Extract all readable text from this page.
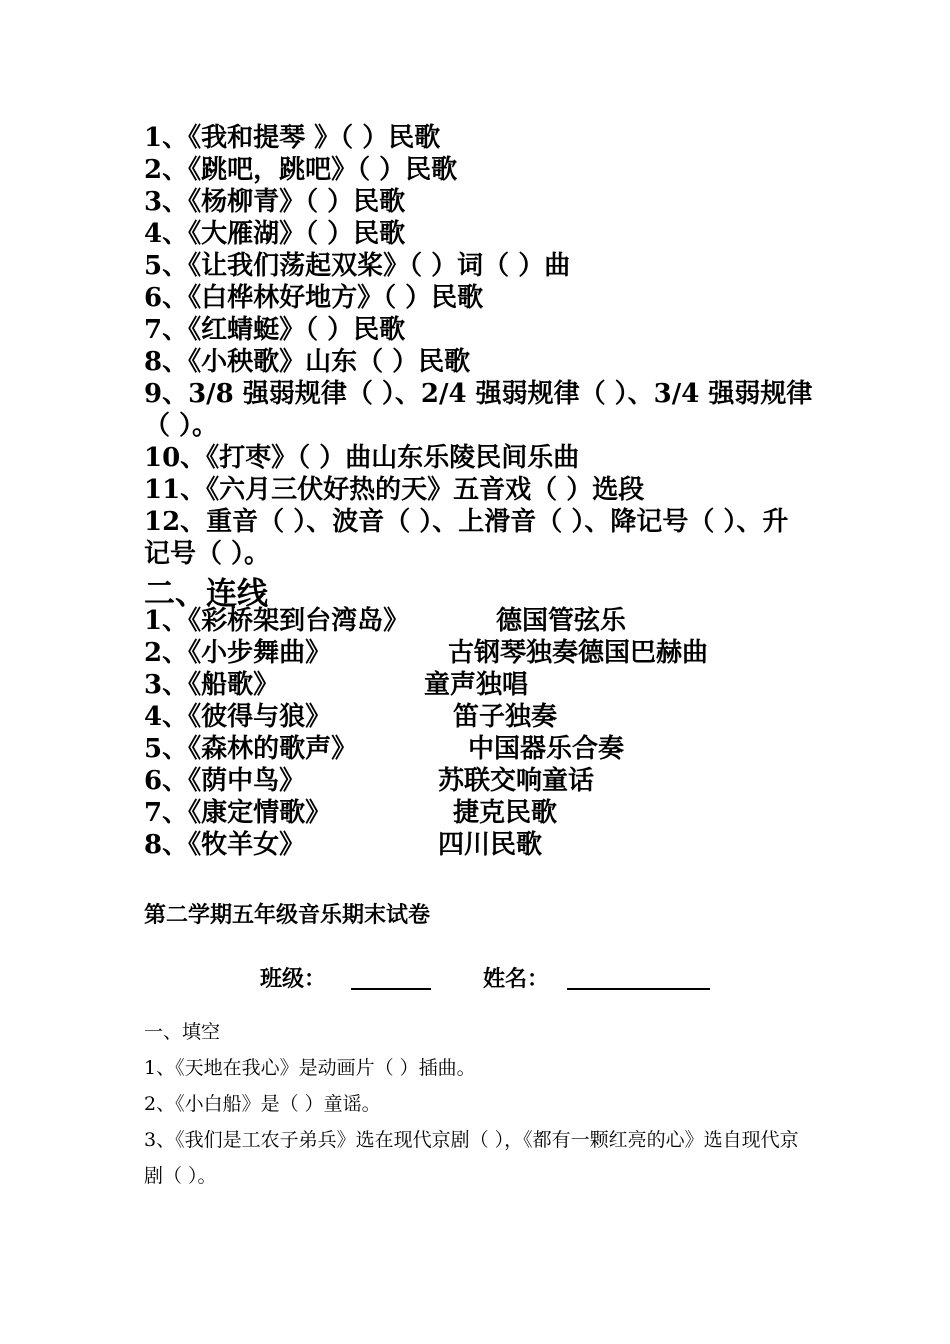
1、《我和提琴 》（ ）民歌
2、《跳吧，跳吧》（ ）民歌
3、《杨柳青》（ ）民歌
4、《大雁湖》（ ）民歌
5、《让我们荡起双桨》（ ）词（ ）曲
6、《白桦林好地方》（ ）民歌
7、《红蜻蜓》（ ）民歌
8、《小秧歌》山东（ ）民歌
9、3/8 强弱规律（ ）、2/4 强弱规律（ ）、3/4 强弱规律（ ）。
10、《打枣》（ ）曲山东乐陵民间乐曲
11、《六月三伏好热的天》五音戏（ ）选段
12、重音（ ）、波音（ ）、上滑音（ ）、降记号（ ）、升记号（ ）。
二、连线
1、《彩桥架到台湾岛》	德国管弦乐
2、《小步舞曲》	古钢琴独奏德国巴赫曲
3、《船歌》	童声独唱
4、《彼得与狼》	笛子独奏
5、《森林的歌声》	中国器乐合奏
6、《荫中鸟》	苏联交响童话
7、《康定情歌》	捷克民歌
8、《牧羊女》	四川民歌
第二学期五年级音乐期末试卷
班级：	姓名：
一、填空
1、《天地在我心》是动画片（ ）插曲。
2、《小白船》是（ ）童谣。
3、《我们是工农子弟兵》选在现代京剧（ ），《都有一颗红亮的心》选自现代京剧（ ）。
